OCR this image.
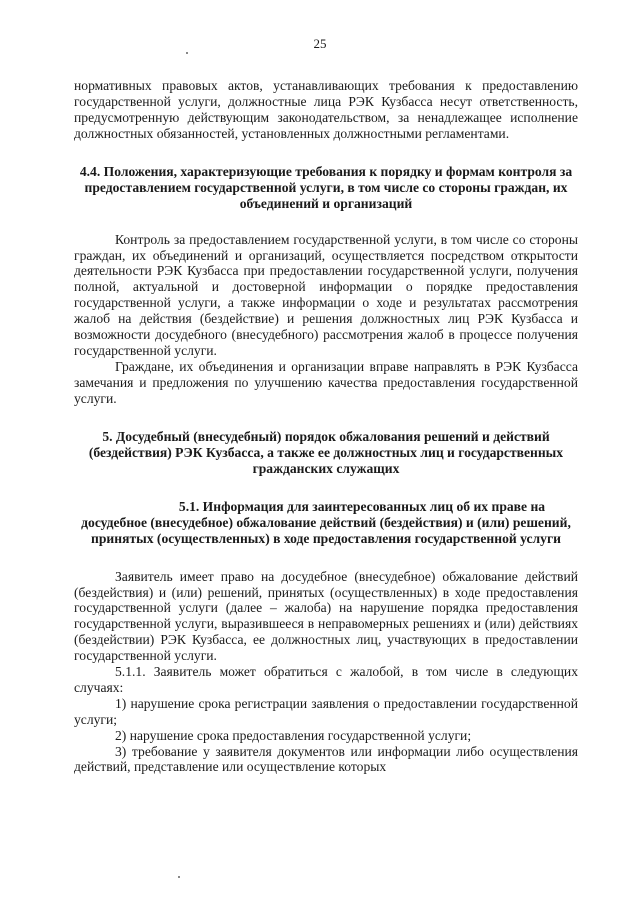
25

нормативных правовых актов, устанавливающих требования к предоставлению государственной услуги, должностные лица РЭК Кузбасса несут ответственность, предусмотренную действующим законодательством, за ненадлежащее исполнение должностных обязанностей, установленных должностными регламентами.

4.4. Положения, характеризующие требования к порядку и формам контроля за предоставлением государственной услуги, в том числе со стороны граждан, их объединений и организаций

Контроль за предоставлением государственной услуги, в том числе со стороны граждан, их объединений и организаций, осуществляется посредством открытости деятельности РЭК Кузбасса при предоставлении государственной услуги, получения полной, актуальной и достоверной информации о порядке предоставления государственной услуги, а также информации о ходе и результатах рассмотрения жалоб на действия (бездействие) и решения должностных лиц РЭК Кузбасса и возможности досудебного (внесудебного) рассмотрения жалоб в процессе получения государственной услуги.

Граждане, их объединения и организации вправе направлять в РЭК Кузбасса замечания и предложения по улучшению качества предоставления государственной услуги.

5. Досудебный (внесудебный) порядок обжалования решений и действий (бездействия) РЭК Кузбасса, а также ее должностных лиц и государственных гражданских служащих
5.1. Информация для заинтересованных лиц об их праве на досудебное (внесудебное) обжалование действий (бездействия) и (или) решений, принятых (осуществленных) в ходе предоставления государственной услуги

Заявитель имеет право на досудебное (внесудебное) обжалование действий (бездействия) и (или) решений, принятых (осуществленных) в ходе предоставления государственной услуги (далее – жалоба) на нарушение порядка предоставления государственной услуги, выразившееся в неправомерных решениях и (или) действиях (бездействии) РЭК Кузбасса, ее должностных лиц, участвующих в предоставлении государственной услуги.

5.1.1. Заявитель может обратиться с жалобой, в том числе в следующих случаях:

1) нарушение срока регистрации заявления о предоставлении государственной услуги;

2) нарушение срока предоставления государственной услуги;

3) требование у заявителя документов или информации либо осуществления действий, представление или осуществление которых
